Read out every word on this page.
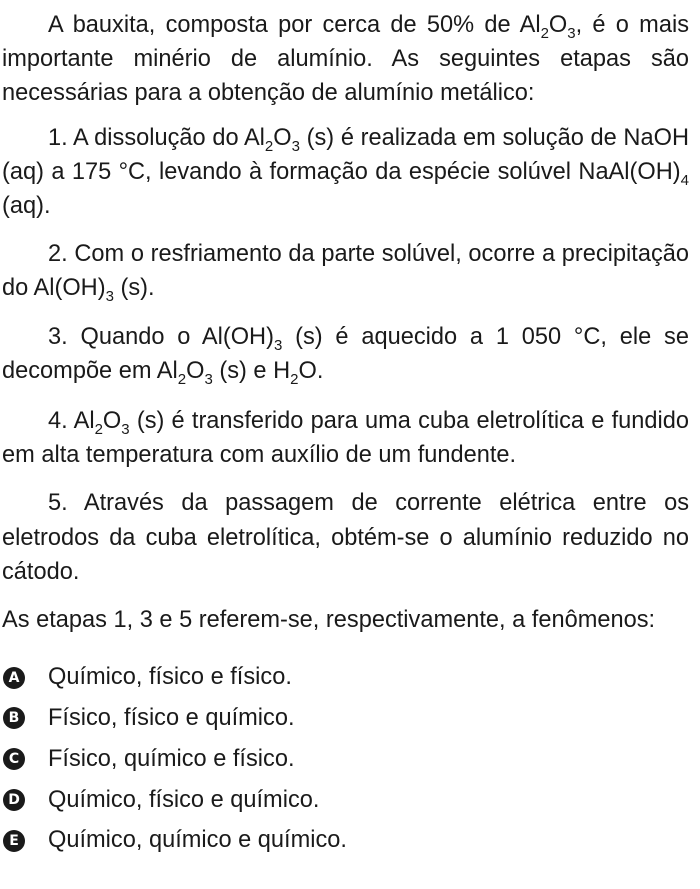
A bauxita, composta por cerca de 50% de $Al_2O_3$, é o mais importante minério de alumínio. As seguintes etapas são necessárias para a obtenção de alumínio metálico:

1. A dissolução do $Al_2O_3$ (s) é realizada em solução de NaOH (aq) a 175 °C, levando à formação da espécie solúvel $NaAl(OH)_4$ (aq).

2. Com o resfriamento da parte solúvel, ocorre a precipitação do $Al(OH)_3$ (s).

3. Quando o $Al(OH)_3$ (s) é aquecido a 1 050 °C, ele se decompõe em $Al_2O_3$ (s) e $H_2O$.

4. $Al_2O_3$ (s) é transferido para uma cuba eletrolítica e fundido em alta temperatura com auxílio de um fundente.

5. Através da passagem de corrente elétrica entre os eletrodos da cuba eletrolítica, obtém-se o alumínio reduzido no cátodo.

As etapas 1, 3 e 5 referem-se, respectivamente, a fenômenos:

A Químico, físico e físico.
B Físico, físico e químico.
C Físico, químico e físico.
D Químico, físico e químico.
E Químico, químico e químico.
